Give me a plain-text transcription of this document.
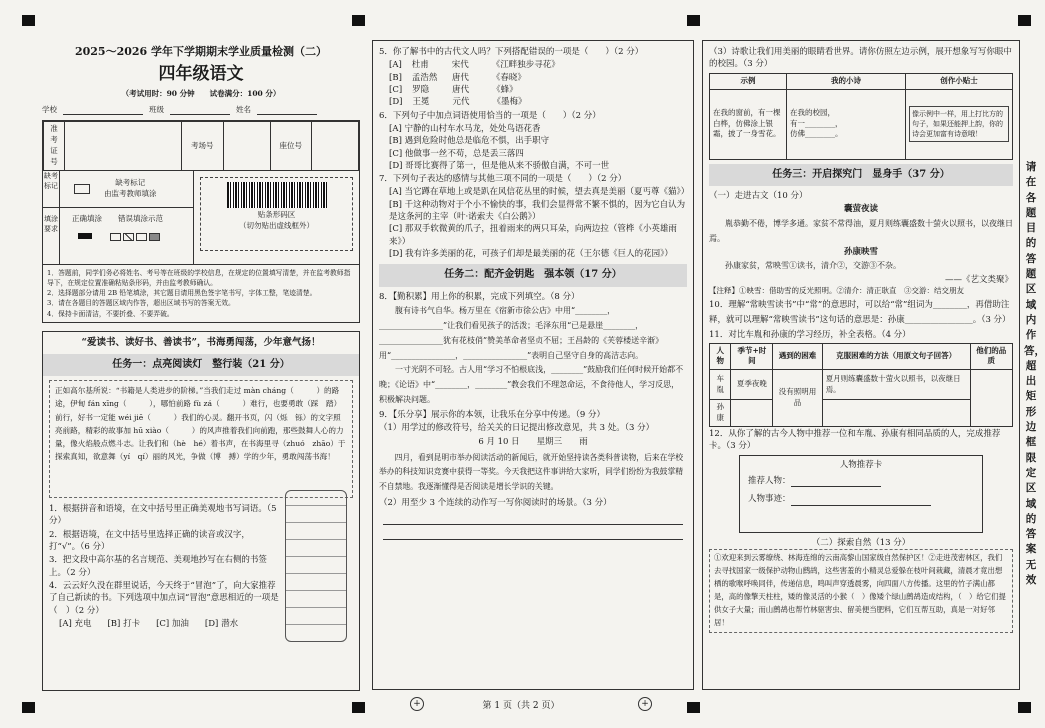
2025～2026 学年下学期期末学业质量检测（二）
四年级语文
（考试用时：90 分钟　　试卷满分：100 分）
学校	班级	姓名
准考证号		考场号		座位号	
缺考标记	缺考标记
由监考教师填涂
填涂要求
正确填涂 错误填涂示范	贴条形码区
（切勿贴出虚线框外）
1．答题前，同学们务必将姓名、考号等在班级的学校信息，在规定的位置填写清楚，并在监考教师指导下，在规定位置准确粘贴条形码，并由监考教师确认。
2．选择题部分请用 2B 铅笔填涂，其它题目请用黑色签字笔书写，字体工整，笔迹清楚。
3．请在各题目的答题区域内作答，超出区域书写的答案无效。
4．保持卡面清洁，不要折叠、不要弄破。
“爱读书、读好书、善读书”，书海勇闯荡，少年意气扬！
任务一：点亮阅读灯　整行装（21 分）
正如高尔基所说：“书籍是人类进步的阶梯。”当我们走过 màn cháng（　　　）的路途，伊甸 fán xīng（　　　），哪怕前路 fù zá（　　　）难行，也要勇敢（踩　踏）前行，好书一定能 wéi jiē（　　　）我们的心灵。翻开书页，闪（烁　铄）的文字照亮前路，精彩的故事加 hū xiào（　　　）的风声推着我们向前跑，那些鼓舞人心的力量，像火焰般点燃斗志。让我们和（hè　hé）着书声，在书海里寻（zhuó　zhāo）于探索真知，欲意舞（yí　qí）丽的风光，争做（博　搏）学的少年，勇敢闯荡书海！
1．根据拼音和语境，在文中括号里正确美观地书写词语。（5 分）
2．根据语境，在文中括号里选择正确的读音或汉字，打“√”。（6 分）
3．把文段中高尔基的名言规范、美观地抄写在右侧的书签上。（2 分）
4．云云好久没在群里说话，今天终于“冒泡”了，向大家推荐了自己新读的书。下列选项中加点词“冒泡”意思相近的一项是（　）（2 分）
[A] 充电 [B] 打卡 [C] 加油 [D] 潜水
5．你了解书中的古代文人吗？下列搭配错误的一项是（　　）（2 分）
[A] 杜甫	宋代	《江畔独步寻花》
[B] 孟浩然	唐代	《春晓》
[C] 罗隐	唐代	《蜂》
[D] 王冕	元代	《墨梅》
6．下列句子中加点词语使用恰当的一项是（　　）（2 分）
[A] 宁静的山村车水马龙，处处鸟语花香
[B] 遇到危险时他总是临危不惧，出手职守
[C] 他做事一丝不苟，总是丢三落四
[D] 哥哥比赛得了第一，但是他从来不骄傲自满，不可一世
7．下列句子表达的感情与其他三项不同的一项是（　　）（2 分）
[A] 当它蹲在草地上或是趴在风信花丛里的时候，望去真是美丽（夏丐尊《猫》）
[B] 千这种动物对于个小不愉快的事，我们会显得常不繁不惧的，因为它自认为是这条河的主宰（叶·诺索夫《白公鹅》）
[C] 那双手软微黄的爪子，扭着雨来的两只耳朵，向两边拉（管桦《小英雄雨来》）
[D] 我有许多美丽的花，可孩子们却是最美丽的花（王尔德《巨人的花园》）
任务二：配齐金钥匙　强本领（17 分）
8．【勤积累】用上你的积累，完成下列填空。（8 分）
腹有诗书气自华。杨万里在《宿新市徐公店》中用“________，________________”让我们看见孩子的活泼；毛泽东用“已是悬崖________，________________犹有花枝俏”赞美革命者坚贞不屈；王昌龄的《芙蓉楼送辛渐》用“________________，________________”表明自己坚守自身的高洁志向。
一寸光阴不可轻。古人用“学习不怕根底浅，________”鼓励我们任何时候开始都不晚；《论语》中“________，________”教会我们不理忽命运，不食待他人，学习反思，积极解决问题。
9．【乐分享】展示你的本领，让我乐在分享中传递。（9 分）
（1）用学过的修改符号，给关关的日记提出修改意见，共 3 处。（3 分）
6 月 10 日　　星期三　　雨
四月，看到昆明市举办阅读活动的新闻后，就开始坚持读各类科普读物，后来在学校举办的科技知识竞赛中获得一等奖。今天我把这件事讲给大家听，同学们纷纷为我鼓掌精不自禁地。我逐渐懂得是否阅读是增长学识的关键。
（2）用至少 3 个连续的动作写一写你阅读时的场景。（3 分）
（3）诗歌让我们用美丽的眼睛看世界。请你仿照左边示例，展开想象写写你眼中的校园。（3 分）
示例	我的小诗	创作小贴士
在我的窗前，有一棵白桦，仿佛涂上银霜，披了一身雪花。	在我的校园，
有一________，
仿佛________。	像示例中一样，用上打比方的句子，如果还能押上韵，你的诗会更加富有诗意哦！
任务三：开启探究门　显身手（37 分）
（一）走进古文（10 分）
囊萤夜读
胤恭勤不倦，博学多通。家贫不常得油，夏月则练囊盛数十萤火以照书，以夜继日焉。
孙康映雪
孙康家贫，常映雪①读书，清介②，交游③不杂。
——《艺文类聚》
【注释】①映雪：借助雪的反光照明。②清介：清正耿直　③交游：结交朋友
10．理解“常映雪读书”中“常”的意思时，可以给“常”组词为________，再借助注释，就可以理解“常映雪读书”这句话的意思是：孙康________________。（3 分）
11．对比车胤和孙康的学习经历，补全表格。（4 分）
人物	季节+时间	遇到的困难	克服困难的方法（用原文句子回答）	他们的品质
车胤	夏季夜晚	没有照明用品	夏月则练囊盛数十萤火以照书，以夜继日焉。	
孙康				
12．从你了解的古今人物中推荐一位和车胤、孙康有相同品质的人，完成推荐卡。（3 分）
人物推荐卡
推荐人物：
人物事迹：
（二）探索自然（13 分）
①欢迎来到云雾缭绕、林海连绵的云南高黎山国家级自然保护区！②走进茂密林区，我们去寻找国家一级保护动物山鹧鸪，这些害羞的小精灵总爱躲在枝叶间栽藏，清晨才竟出想栖的歌喉呼唤同伴，传递信息，鸣叫声穿透晨雾，向四面八方传播。这里的竹子满山都是，高的像擎天柱柱，矮的像灵活的小猴（　）像矮个绿山鹧鸪造成结构，（　）给它们提供女子大量；而山鹧鸪也帮竹林驱害虫、留美便当肥料，它们互帮互助，真是一对好邻居！
请在各题目的答题区域内作答，超出矩形边框限定区域的答案无效
+	+
第 1 页（共 2 页）
